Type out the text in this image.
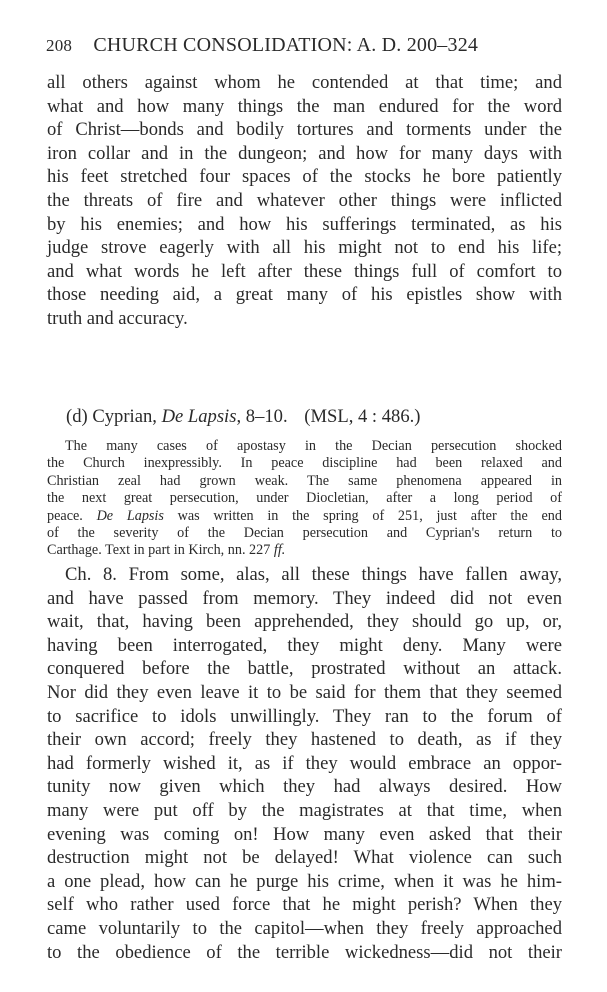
208 CHURCH CONSOLIDATION: A. D. 200–324
all others against whom he contended at that time; and
what and how many things the man endured for the word
of Christ—bonds and bodily tortures and torments under the
iron collar and in the dungeon; and how for many days with
his feet stretched four spaces of the stocks he bore patiently
the threats of fire and whatever other things were inflicted
by his enemies; and how his sufferings terminated, as his
judge strove eagerly with all his might not to end his life;
and what words he left after these things full of comfort to
those needing aid, a great many of his epistles show with
truth and accuracy.
(d) Cyprian, De Lapsis, 8–10. (MSL, 4 : 486.)
The many cases of apostasy in the Decian persecution shocked
the Church inexpressibly. In peace discipline had been relaxed and
Christian zeal had grown weak. The same phenomena appeared in
the next great persecution, under Diocletian, after a long period of
peace. De Lapsis was written in the spring of 251, just after the end
of the severity of the Decian persecution and Cyprian's return to
Carthage. Text in part in Kirch, nn. 227 ff.
Ch. 8. From some, alas, all these things have fallen away,
and have passed from memory. They indeed did not even
wait, that, having been apprehended, they should go up, or,
having been interrogated, they might deny. Many were
conquered before the battle, prostrated without an attack.
Nor did they even leave it to be said for them that they seemed
to sacrifice to idols unwillingly. They ran to the forum of
their own accord; freely they hastened to death, as if they
had formerly wished it, as if they would embrace an oppor-
tunity now given which they had always desired. How
many were put off by the magistrates at that time, when
evening was coming on! How many even asked that their
destruction might not be delayed! What violence can such
a one plead, how can he purge his crime, when it was he him-
self who rather used force that he might perish? When they
came voluntarily to the capitol—when they freely approached
to the obedience of the terrible wickedness—did not their
